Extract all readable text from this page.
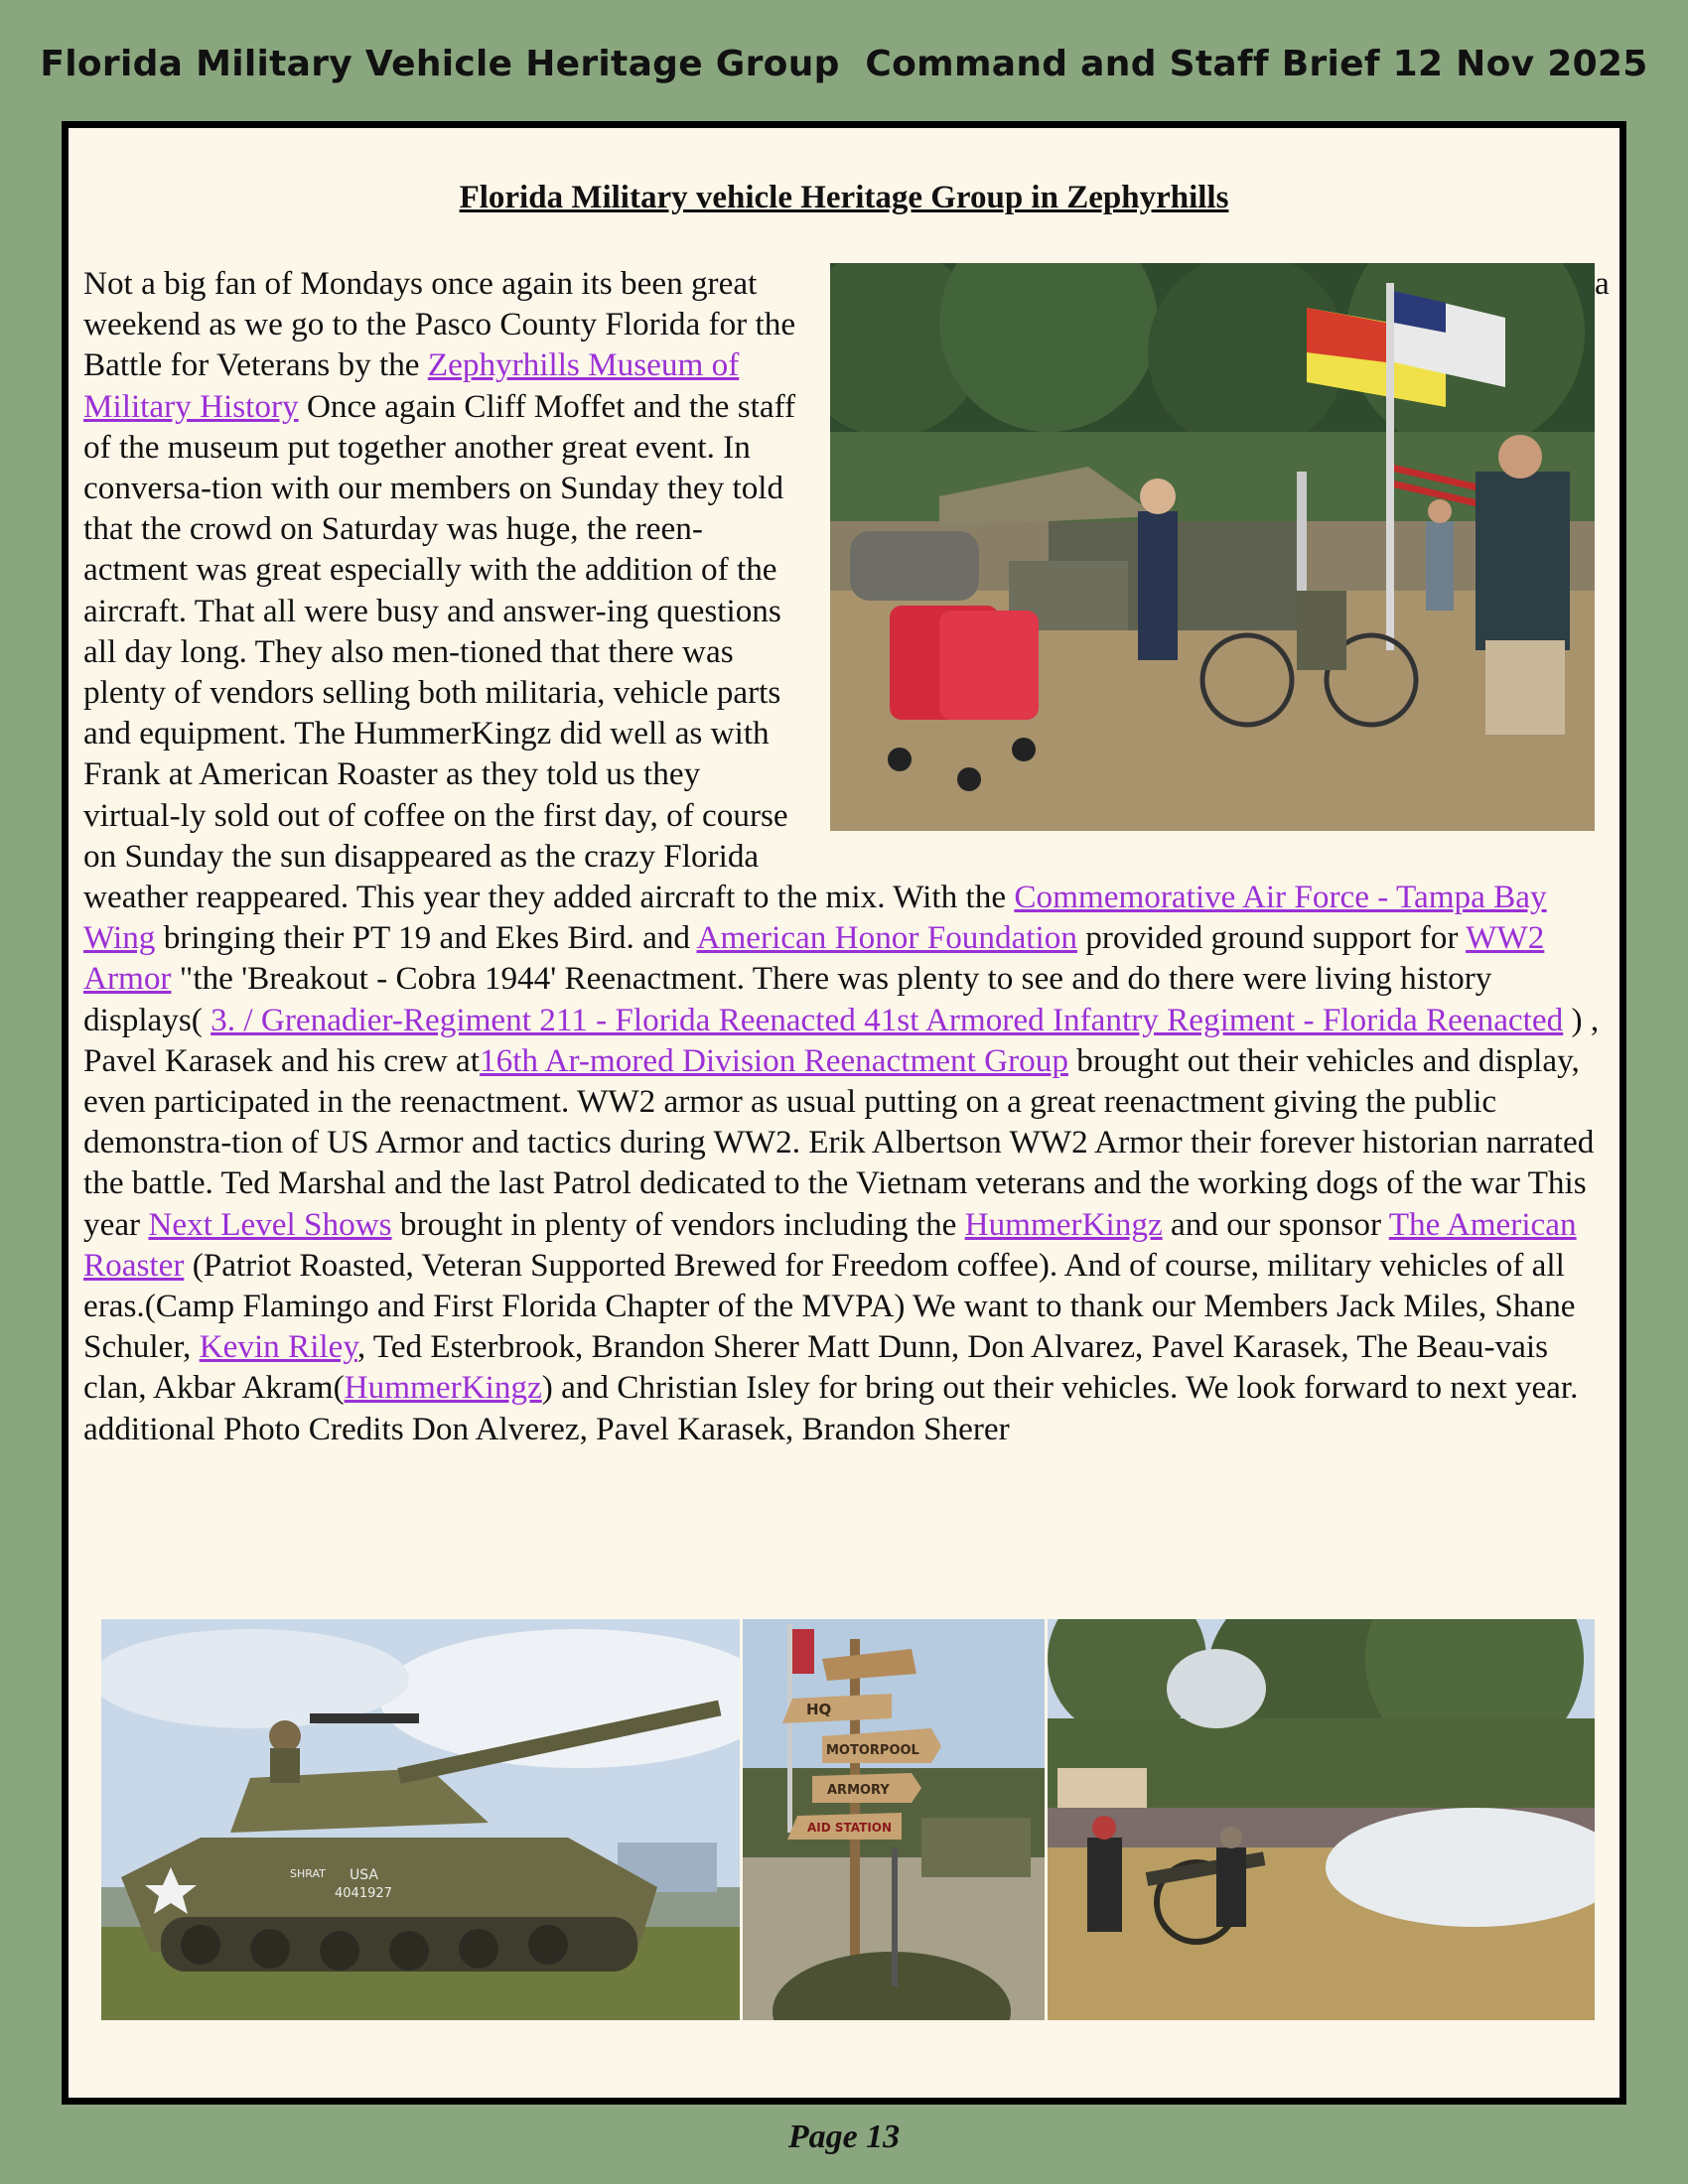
Florida Military Vehicle Heritage Group  Command and Staff Brief 12 Nov 2025
Florida Military vehicle Heritage Group in Zephyrhills

a
Not a big fan of Mondays once again its been great weekend as we go to the Pasco County Florida for the Battle for Veterans by the Zephyrhills Museum of Military History Once again Cliff Moffet and the staff of the museum put together another great event. In conversa-tion with our members on Sunday they told that the crowd on Saturday was huge, the reen-actment was great especially with the addition of the aircraft. That all were busy and answer-ing questions all day long. They also men-tioned that there was plenty of vendors selling both militaria, vehicle parts and equipment. The HummerKingz did well as with Frank at American Roaster as they told us they virtual-ly sold out of coffee on the first day, of course on Sunday the sun disappeared as the crazy Florida weather reappeared. This year they added aircraft to the mix. With the Commemorative Air Force - Tampa Bay Wing bringing their PT 19 and Ekes Bird. and American Honor Foundation provided ground support for WW2 Armor "the 'Breakout - Cobra 1944' Reenactment. There was plenty to see and do there were living history displays( 3. / Grenadier-Regiment 211 - Florida Reenacted 41st Armored Infantry Regiment - Florida Reenacted ) , Pavel Karasek and his crew at16th Ar-mored Division Reenactment Group brought out their vehicles and display, even participated in the reenactment. WW2 armor as usual putting on a great reenactment giving the public demonstra-tion of US Armor and tactics during WW2. Erik Albertson WW2 Armor their forever historian narrated the battle. Ted Marshal and the last Patrol dedicated to the Vietnam veterans and the working dogs of the war This year Next Level Shows brought in plenty of vendors including the HummerKingz and our sponsor The American Roaster (Patriot Roasted, Veteran Supported Brewed for Freedom coffee). And of course, military vehicles of all eras.(Camp Flamingo and First Florida Chapter of the MVPA) We want to thank our Members Jack Miles, Shane Schuler, Kevin Riley, Ted Esterbrook, Brandon Sherer Matt Dunn, Don Alvarez, Pavel Karasek, The Beau-vais clan, Akbar Akram(HummerKingz) and Christian Isley for bring out their vehicles. We look forward to next year. additional Photo Credits Don Alverez, Pavel Karasek, Brandon Sherer

USA
4041927
SHRAT
HQ
MOTORPOOL
ARMORY
AID STATION
Page 13
